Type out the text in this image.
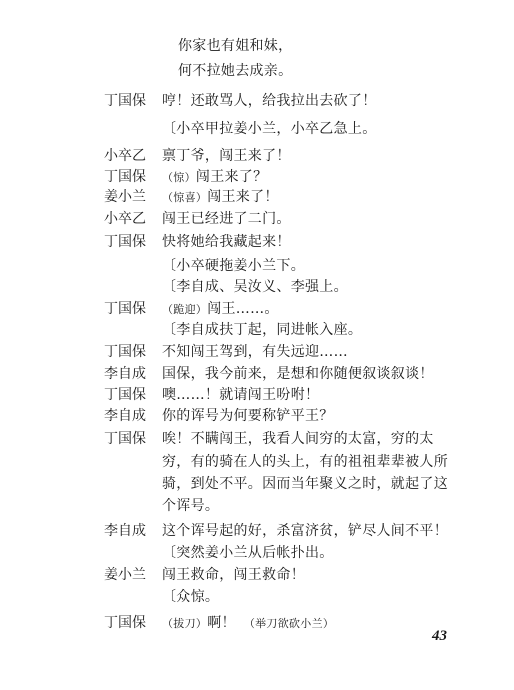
你家也有姐和妹，
何不拉她去成亲。
丁国保 哼！还敢骂人，给我拉出去砍了！
〔小卒甲拉姜小兰，小卒乙急上。
小卒乙 禀丁爷，闯王来了！
丁国保 （惊）闯王来了？
姜小兰 （惊喜）闯王来了！
小卒乙 闯王已经进了二门。
丁国保 快将她给我藏起来！
〔小卒硬拖姜小兰下。
〔李自成、吴汝义、李强上。
丁国保 （跪迎）闯王……。
〔李自成扶丁起，同进帐入座。
丁国保 不知闯王驾到，有失远迎……
李自成 国保，我今前来，是想和你随便叙谈叙谈！
丁国保 噢……！就请闯王吩咐！
李自成 你的诨号为何要称铲平王？
丁国保 唉！不瞒闯王，我看人间穷的太富，穷的太
穷，有的骑在人的头上，有的祖祖辈辈被人所
骑，到处不平。因而当年聚义之时，就起了这
个诨号。
李自成 这个诨号起的好，杀富济贫，铲尽人间不平！
〔突然姜小兰从后帐扑出。
姜小兰 闯王救命，闯王救命！
〔众惊。
丁国保 （拔刀）啊！ （举刀欲砍小兰）
43
